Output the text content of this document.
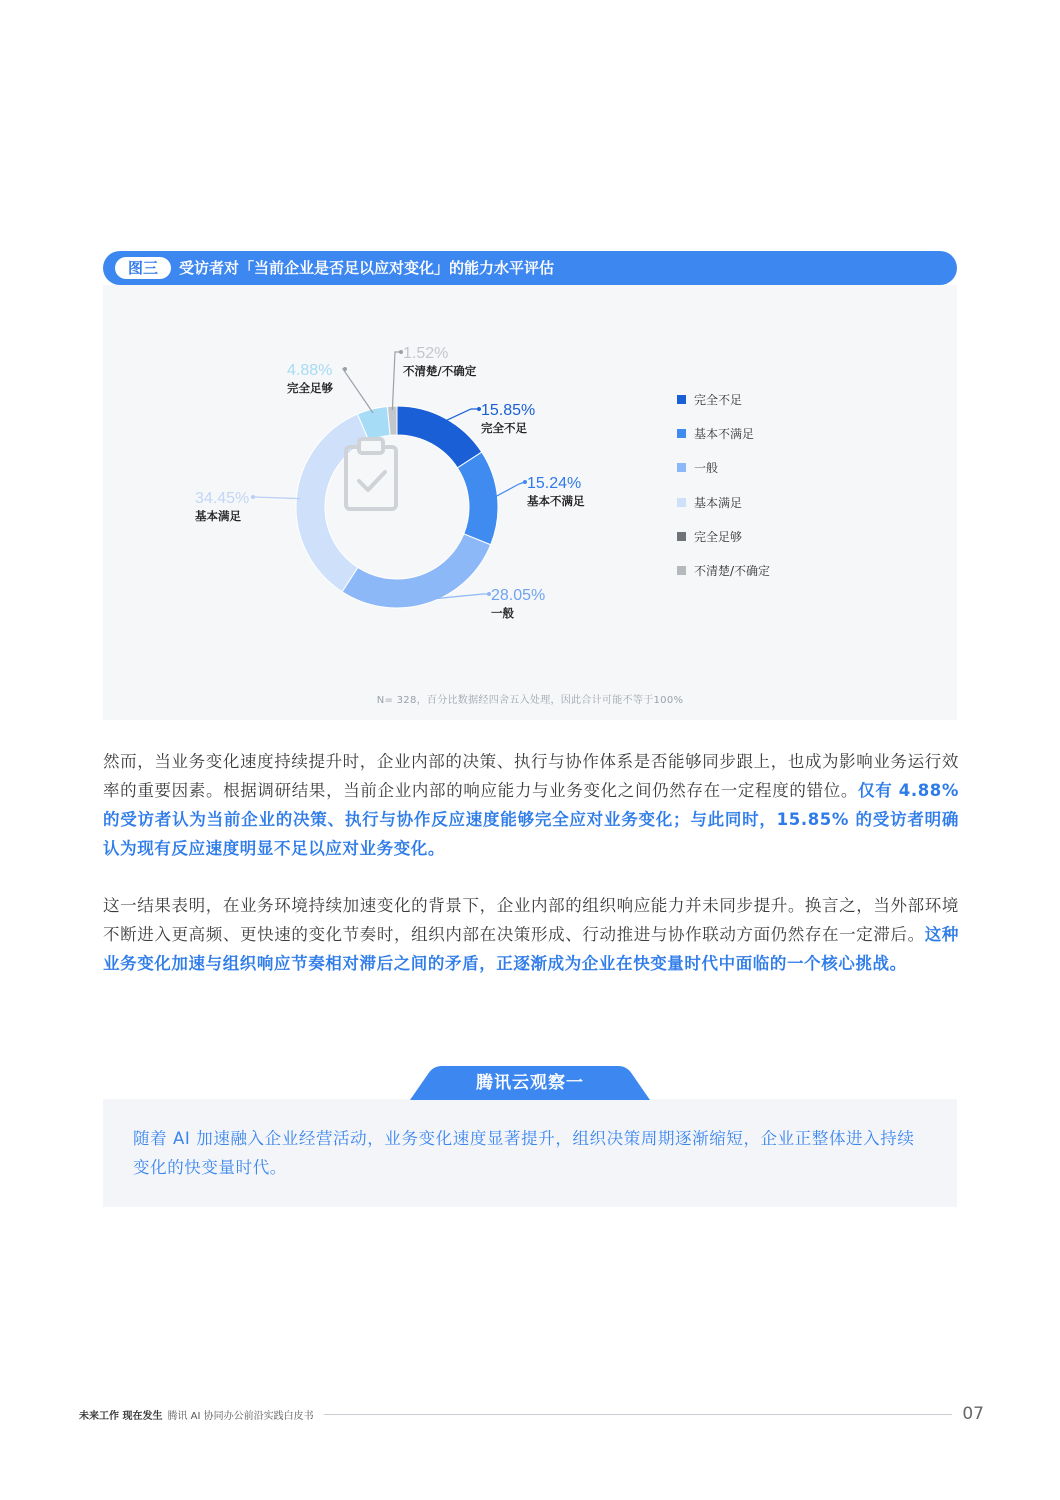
图三	受访者对「当前企业是否足以应对变化」的能力水平评估
15.85%
完全不足
15.24%
基本不满足
28.05%
一般
34.45%
基本满足
4.88%
完全足够
1.52%
不清楚/不确定
完全不足
基本不满足
一般
基本满足
完全足够
不清楚/不确定
N= 328，百分比数据经四舍五入处理，因此合计可能不等于100%

然而，当业务变化速度持续提升时，企业内部的决策、执行与协作体系是否能够同步跟上，也成为影响业务运行效率的重要因素。根据调研结果，当前企业内部的响应能力与业务变化之间仍然存在一定程度的错位。仅有 4.88% 的受访者认为当前企业的决策、执行与协作反应速度能够完全应对业务变化；与此同时，15.85% 的受访者明确认为现有反应速度明显不足以应对业务变化。

这一结果表明，在业务环境持续加速变化的背景下，企业内部的组织响应能力并未同步提升。换言之，当外部环境不断进入更高频、更快速的变化节奏时，组织内部在决策形成、行动推进与协作联动方面仍然存在一定滞后。这种业务变化加速与组织响应节奏相对滞后之间的矛盾，正逐渐成为企业在快变量时代中面临的一个核心挑战。

随着 AI 加速融入企业经营活动，业务变化速度显著提升，组织决策周期逐渐缩短，企业正整体进入持续变化的快变量时代。

腾讯云观察一
未来工作 现在发生 腾讯 AI 协同办公前沿实践白皮书	07
